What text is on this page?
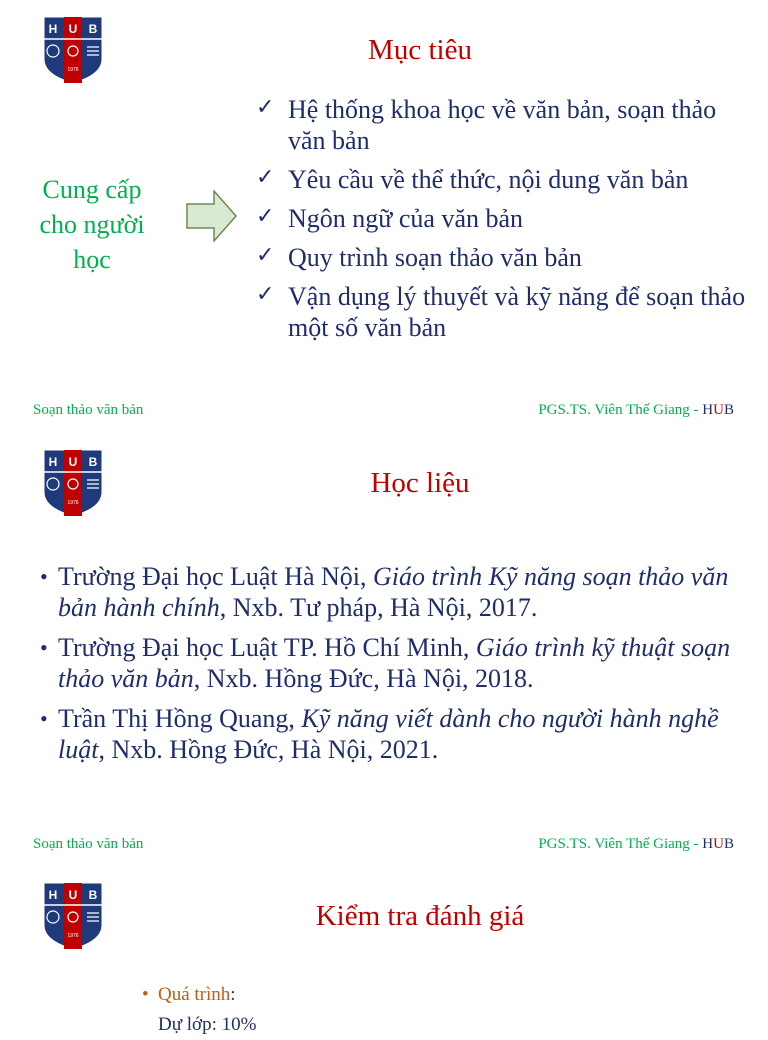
H U B
1976
Mục tiêu
Cung cấp cho người học
✓ Hệ thống khoa học về văn bản, soạn thảo văn bản
✓ Yêu cầu về thể thức, nội dung văn bản
✓ Ngôn ngữ của văn bản
✓ Quy trình soạn thảo văn bản
✓ Vận dụng lý thuyết và kỹ năng để soạn thảo một số văn bản
Soạn thảo văn bản	PGS.TS. Viên Thế Giang - HUB
H U B
1976
Học liệu
• Trường Đại học Luật Hà Nội, Giáo trình Kỹ năng soạn thảo văn bản hành chính, Nxb. Tư pháp, Hà Nội, 2017.
• Trường Đại học Luật TP. Hồ Chí Minh, Giáo trình kỹ thuật soạn thảo văn bản, Nxb. Hồng Đức, Hà Nội, 2018.
• Trần Thị Hồng Quang, Kỹ năng viết dành cho người hành nghề luật, Nxb. Hồng Đức, Hà Nội, 2021.
Soạn thảo văn bản	PGS.TS. Viên Thế Giang - HUB
H U B
1976
Kiểm tra đánh giá
• Quá trình:
Dự lớp: 10%
